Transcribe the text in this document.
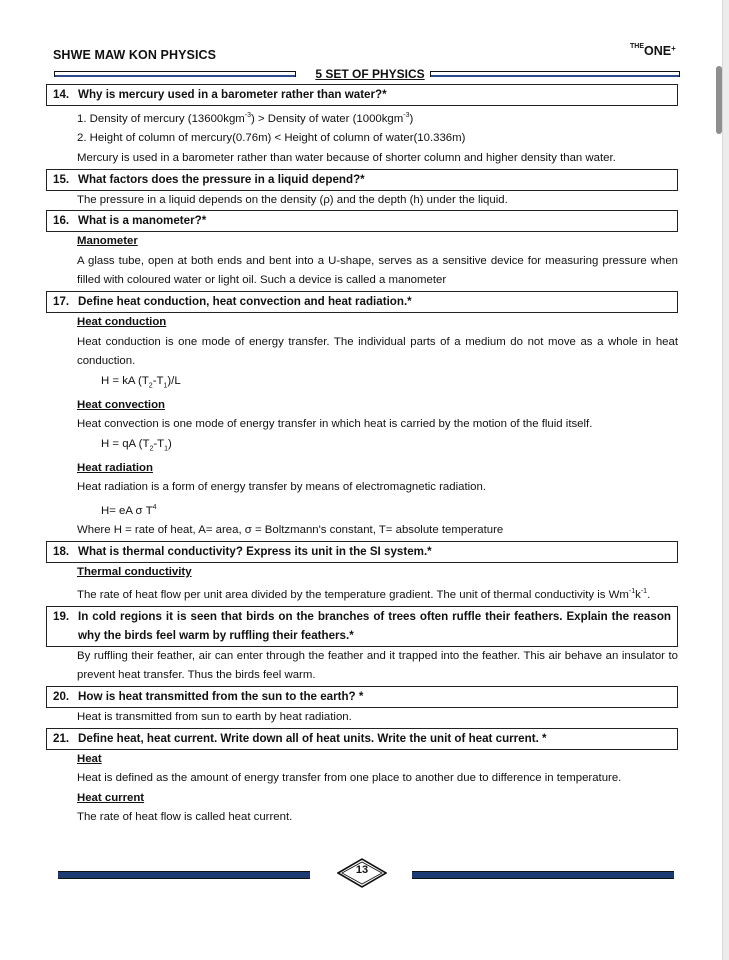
SHWE MAW KON PHYSICS
$^{THE}$ONE+
5 SET OF PHYSICS
14. Why is mercury used in a barometer rather than water?*
1. Density of mercury (13600kgm$^{-3}$) > Density of water (1000kgm$^{-3}$)
2. Height of column of mercury(0.76m) < Height of column of water(10.336m)
Mercury is used in a barometer rather than water because of shorter column and higher density than water.
15. What factors does the pressure in a liquid depend?*
The pressure in a liquid depends on the density (ρ) and the depth (h) under the liquid.
16. What is a manometer?*
Manometer
A glass tube, open at both ends and bent into a U-shape, serves as a sensitive device for measuring pressure when filled with coloured water or light oil. Such a device is called a manometer
17. Define heat conduction, heat convection and heat radiation.*
Heat conduction
Heat conduction is one mode of energy transfer. The individual parts of a medium do not move as a whole in heat conduction.
H = kA $(T_2-T_1)/L$
Heat convection
Heat convection is one mode of energy transfer in which heat is carried by the motion of the fluid itself.
H = qA $(T_2-T_1)$
Heat radiation
Heat radiation is a form of energy transfer by means of electromagnetic radiation.
H= eA σ $T^4$
Where H = rate of heat, A= area, σ = Boltzmann's constant, T= absolute temperature
18. What is thermal conductivity? Express its unit in the SI system.*
Thermal conductivity
The rate of heat flow per unit area divided by the temperature gradient. The unit of thermal conductivity is $Wm^{-1}k^{-1}$.
19. In cold regions it is seen that birds on the branches of trees often ruffle their feathers. Explain the reason why the birds feel warm by ruffling their feathers.*
By ruffling their feather, air can enter through the feather and it trapped into the feather. This air behave an insulator to prevent heat transfer. Thus the birds feel warm.
20. How is heat transmitted from the sun to the earth? *
Heat is transmitted from sun to earth by heat radiation.
21. Define heat, heat current. Write down all of heat units. Write the unit of heat current. *
Heat
Heat is defined as the amount of energy transfer from one place to another due to difference in temperature.
Heat current
The rate of heat flow is called heat current.
13
